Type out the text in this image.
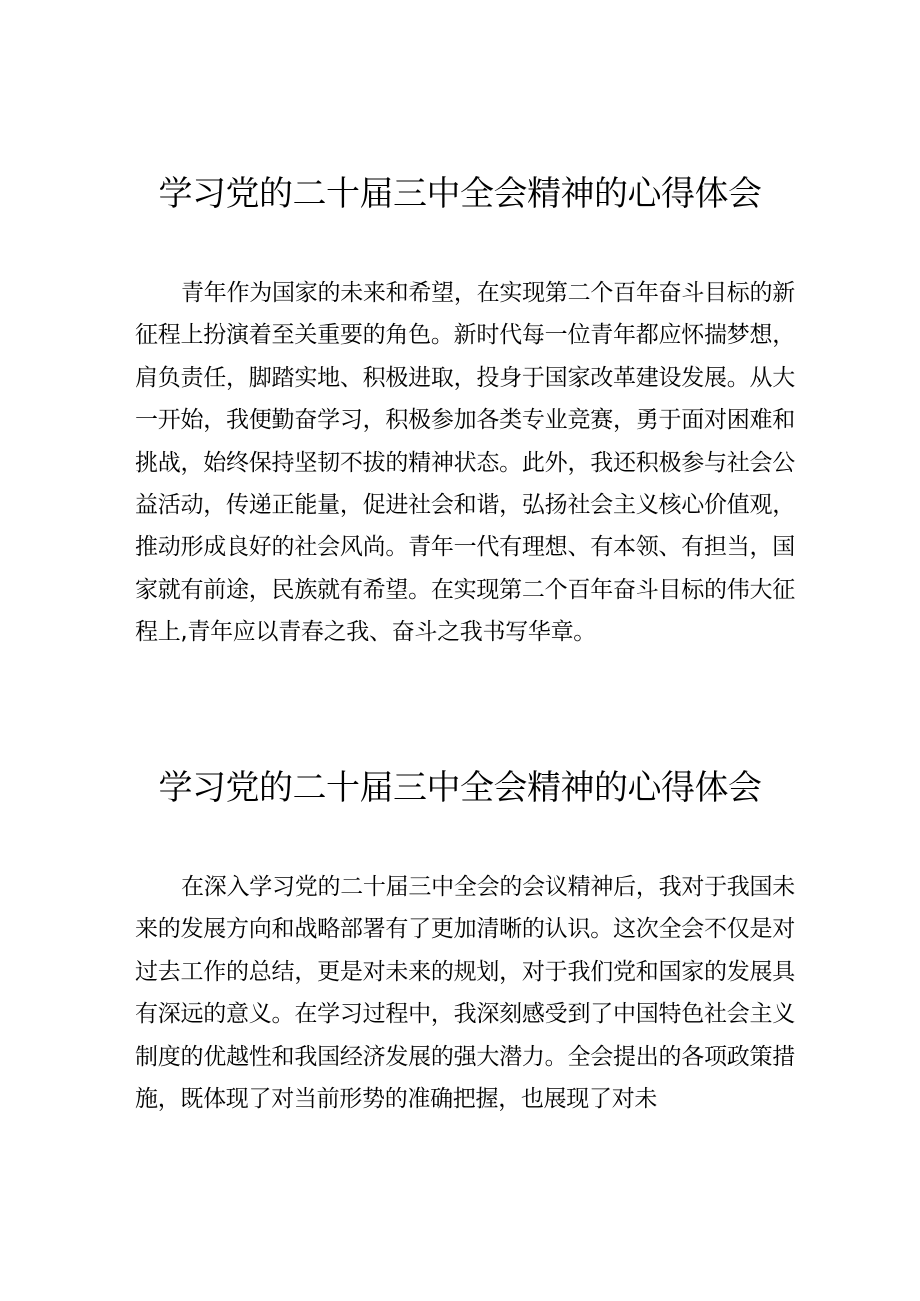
学习党的二十届三中全会精神的心得体会

青年作为国家的未来和希望，在实现第二个百年奋斗目标的新征程上扮演着至关重要的角色。新时代每一位青年都应怀揣梦想，肩负责任，脚踏实地、积极进取，投身于国家改革建设发展。从大一开始，我便勤奋学习，积极参加各类专业竞赛，勇于面对困难和挑战，始终保持坚韧不拔的精神状态。此外，我还积极参与社会公益活动，传递正能量，促进社会和谐，弘扬社会主义核心价值观，推动形成良好的社会风尚。青年一代有理想、有本领、有担当，国家就有前途，民族就有希望。在实现第二个百年奋斗目标的伟大征程上,青年应以青春之我、奋斗之我书写华章。

学习党的二十届三中全会精神的心得体会

在深入学习党的二十届三中全会的会议精神后，我对于我国未来的发展方向和战略部署有了更加清晰的认识。这次全会不仅是对过去工作的总结，更是对未来的规划，对于我们党和国家的发展具有深远的意义。在学习过程中，我深刻感受到了中国特色社会主义制度的优越性和我国经济发展的强大潜力。全会提出的各项政策措施，既体现了对当前形势的准确把握，也展现了对未
